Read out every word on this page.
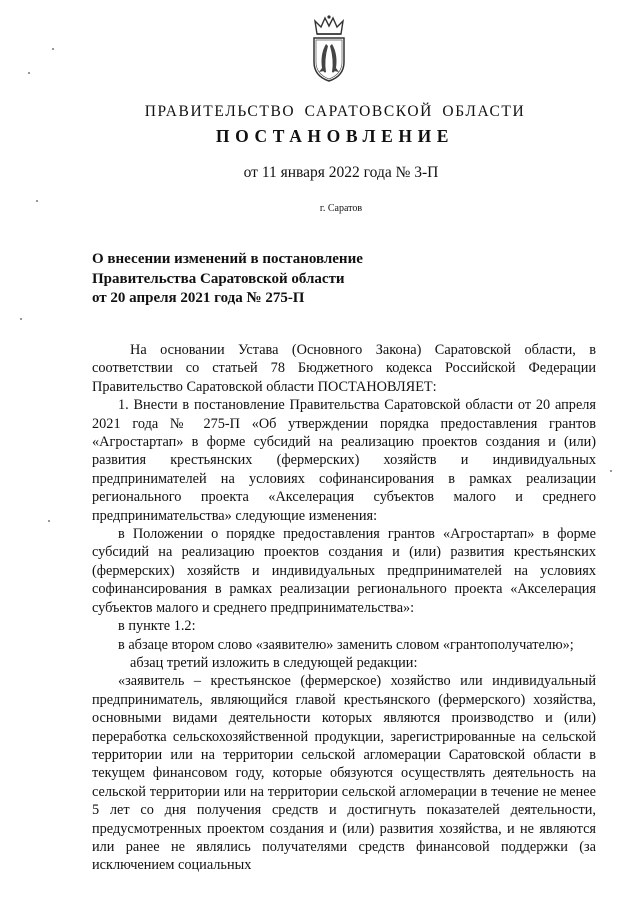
ПРАВИТЕЛЬСТВО САРАТОВСКОЙ ОБЛАСТИ
ПОСТАНОВЛЕНИЕ
от 11 января 2022 года № 3-П
г. Саратов
О внесении изменений в постановление
Правительства Саратовской области
от 20 апреля 2021 года № 275-П

На основании Устава (Основного Закона) Саратовской области, в соответствии со статьей 78 Бюджетного кодекса Российской Федерации Правительство Саратовской области ПОСТАНОВЛЯЕТ:

1. Внести в постановление Правительства Саратовской области от 20 апреля 2021 года № 275-П «Об утверждении порядка предоставления грантов «Агростартап» в форме субсидий на реализацию проектов создания и (или) развития крестьянских (фермерских) хозяйств и индивидуальных предпринимателей на условиях софинансирования в рамках реализации регионального проекта «Акселерация субъектов малого и среднего предпринимательства» следующие изменения:

в Положении о порядке предоставления грантов «Агростартап» в форме субсидий на реализацию проектов создания и (или) развития крестьянских (фермерских) хозяйств и индивидуальных предпринимателей на условиях софинансирования в рамках реализации регионального проекта «Акселерация субъектов малого и среднего предпринимательства»:

в пункте 1.2:

в абзаце втором слово «заявителю» заменить словом «грантополучателю»;

абзац третий изложить в следующей редакции:

«заявитель – крестьянское (фермерское) хозяйство или индивидуальный предприниматель, являющийся главой крестьянского (фермерского) хозяйства, основными видами деятельности которых являются производство и (или) переработка сельскохозяйственной продукции, зарегистрированные на сельской территории или на территории сельской агломерации Саратовской области в текущем финансовом году, которые обязуются осуществлять деятельность на сельской территории или на территории сельской агломерации в течение не менее 5 лет со дня получения средств и достигнуть показателей деятельности, предусмотренных проектом создания и (или) развития хозяйства, и не являются или ранее не являлись получателями средств финансовой поддержки (за исключением социальных
